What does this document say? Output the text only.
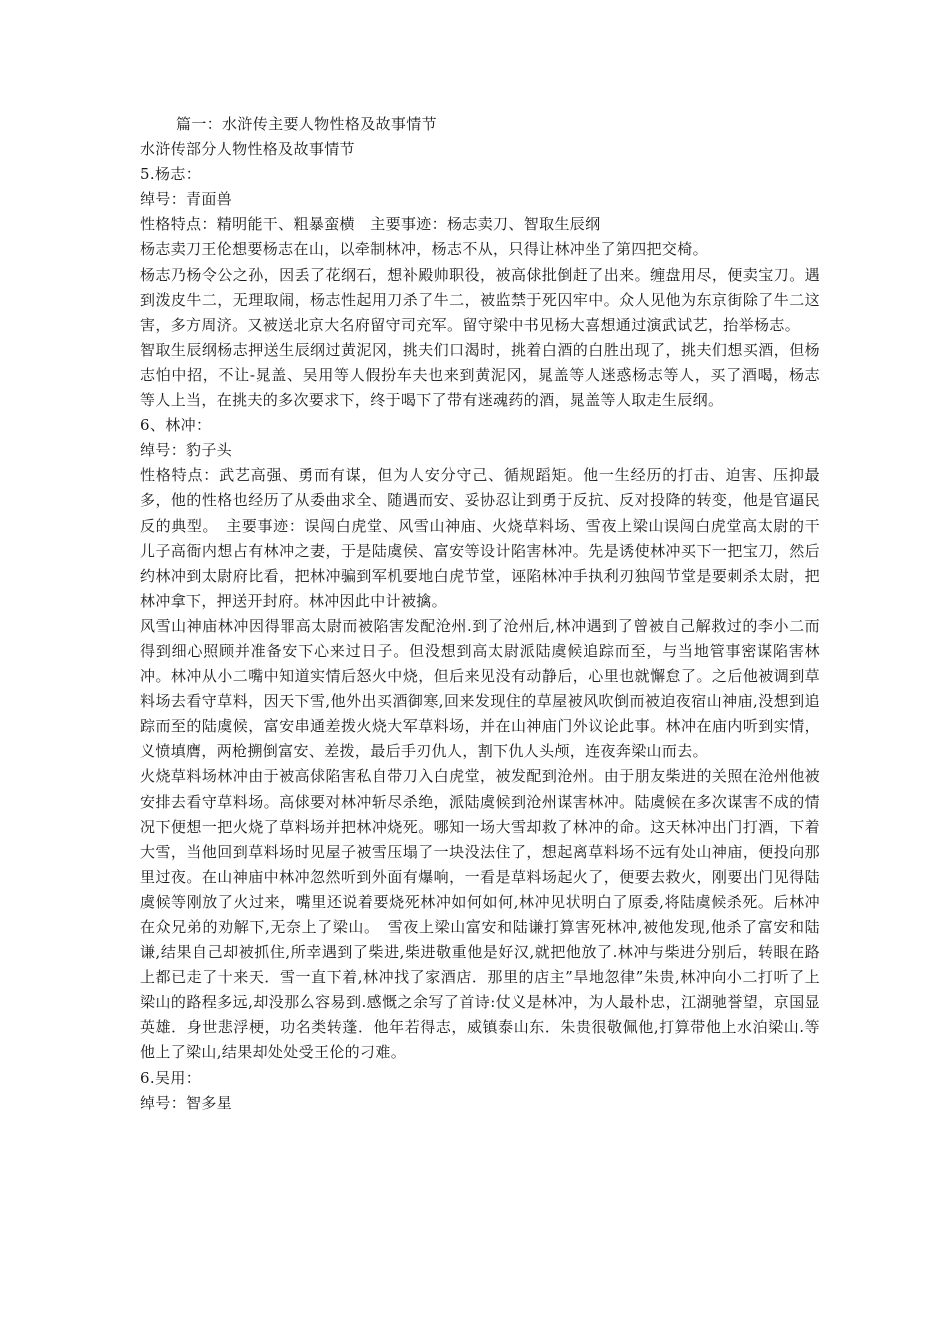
篇一：水浒传主要人物性格及故事情节

水浒传部分人物性格及故事情节

5.杨志：

绰号：青面兽

性格特点：精明能干、粗暴蛮横　主要事迹：杨志卖刀、智取生辰纲

杨志卖刀王伦想要杨志在山，以牵制林冲，杨志不从，只得让林冲坐了第四把交椅。

杨志乃杨令公之孙，因丢了花纲石，想补殿帅职役，被高俅批倒赶了出来。缠盘用尽，便卖宝刀。遇到泼皮牛二，无理取闹，杨志性起用刀杀了牛二，被监禁于死囚牢中。众人见他为东京街除了牛二这害，多方周济。又被送北京大名府留守司充军。留守梁中书见杨大喜想通过演武试艺，抬举杨志。

智取生辰纲杨志押送生辰纲过黄泥冈，挑夫们口渴时，挑着白酒的白胜出现了，挑夫们想买酒，但杨志怕中招，不让-晁盖、吴用等人假扮车夫也来到黄泥冈，晁盖等人迷惑杨志等人，买了酒喝，杨志等人上当，在挑夫的多次要求下，终于喝下了带有迷魂药的酒，晁盖等人取走生辰纲。

6、林冲：

绰号：豹子头

性格特点：武艺高强、勇而有谋，但为人安分守己、循规蹈矩。他一生经历的打击、迫害、压抑最多，他的性格也经历了从委曲求全、随遇而安、妥协忍让到勇于反抗、反对投降的转变，他是官逼民反的典型。　主要事迹：误闯白虎堂、风雪山神庙、火烧草料场、雪夜上梁山误闯白虎堂高太尉的干儿子高衙内想占有林冲之妻，于是陆虞侯、富安等设计陷害林冲。先是诱使林冲买下一把宝刀，然后约林冲到太尉府比看，把林冲骗到军机要地白虎节堂，诬陷林冲手执利刃独闯节堂是要刺杀太尉，把林冲拿下，押送开封府。林冲因此中计被擒。

风雪山神庙林冲因得罪高太尉而被陷害发配沧州.到了沧州后,林冲遇到了曾被自己解救过的李小二而得到细心照顾并准备安下心来过日子。但没想到高太尉派陆虞候追踪而至，与当地管事密谋陷害林冲。林冲从小二嘴中知道实情后怒火中烧，但后来见没有动静后，心里也就懈怠了。之后他被调到草料场去看守草料，因天下雪,他外出买酒御寒,回来发现住的草屋被风吹倒而被迫夜宿山神庙,没想到追踪而至的陆虞候，富安串通差拨火烧大军草料场，并在山神庙门外议论此事。林冲在庙内听到实情，义愤填膺，两枪搠倒富安、差拨，最后手刃仇人，割下仇人头颅，连夜奔梁山而去。

火烧草料场林冲由于被高俅陷害私自带刀入白虎堂，被发配到沧州。由于朋友柴进的关照在沧州他被安排去看守草料场。高俅要对林冲斩尽杀绝，派陆虞候到沧州谋害林冲。陆虞候在多次谋害不成的情况下便想一把火烧了草料场并把林冲烧死。哪知一场大雪却救了林冲的命。这天林冲出门打酒，下着大雪，当他回到草料场时见屋子被雪压塌了一块没法住了，想起离草料场不远有处山神庙，便投向那里过夜。在山神庙中林冲忽然听到外面有爆响，一看是草料场起火了，便要去救火，刚要出门见得陆虞候等刚放了火过来，嘴里还说着要烧死林冲如何如何,林冲见状明白了原委,将陆虞候杀死。后林冲在众兄弟的劝解下,无奈上了梁山。　雪夜上梁山富安和陆谦打算害死林冲,被他发现,他杀了富安和陆谦,结果自己却被抓住,所幸遇到了柴进,柴进敬重他是好汉,就把他放了.林冲与柴进分别后，转眼在路上都已走了十来天．雪一直下着,林冲找了家酒店．那里的店主”旱地忽律”朱贵,林冲向小二打听了上梁山的路程多远,却没那么容易到.感慨之余写了首诗:仗义是林冲，为人最朴忠，江湖驰誉望，京国显英雄．身世悲浮梗，功名类转蓬．他年若得志，威镇泰山东．朱贵很敬佩他,打算带他上水泊梁山.等他上了梁山,结果却处处受王伦的刁难。

6.吴用：

绰号：智多星
